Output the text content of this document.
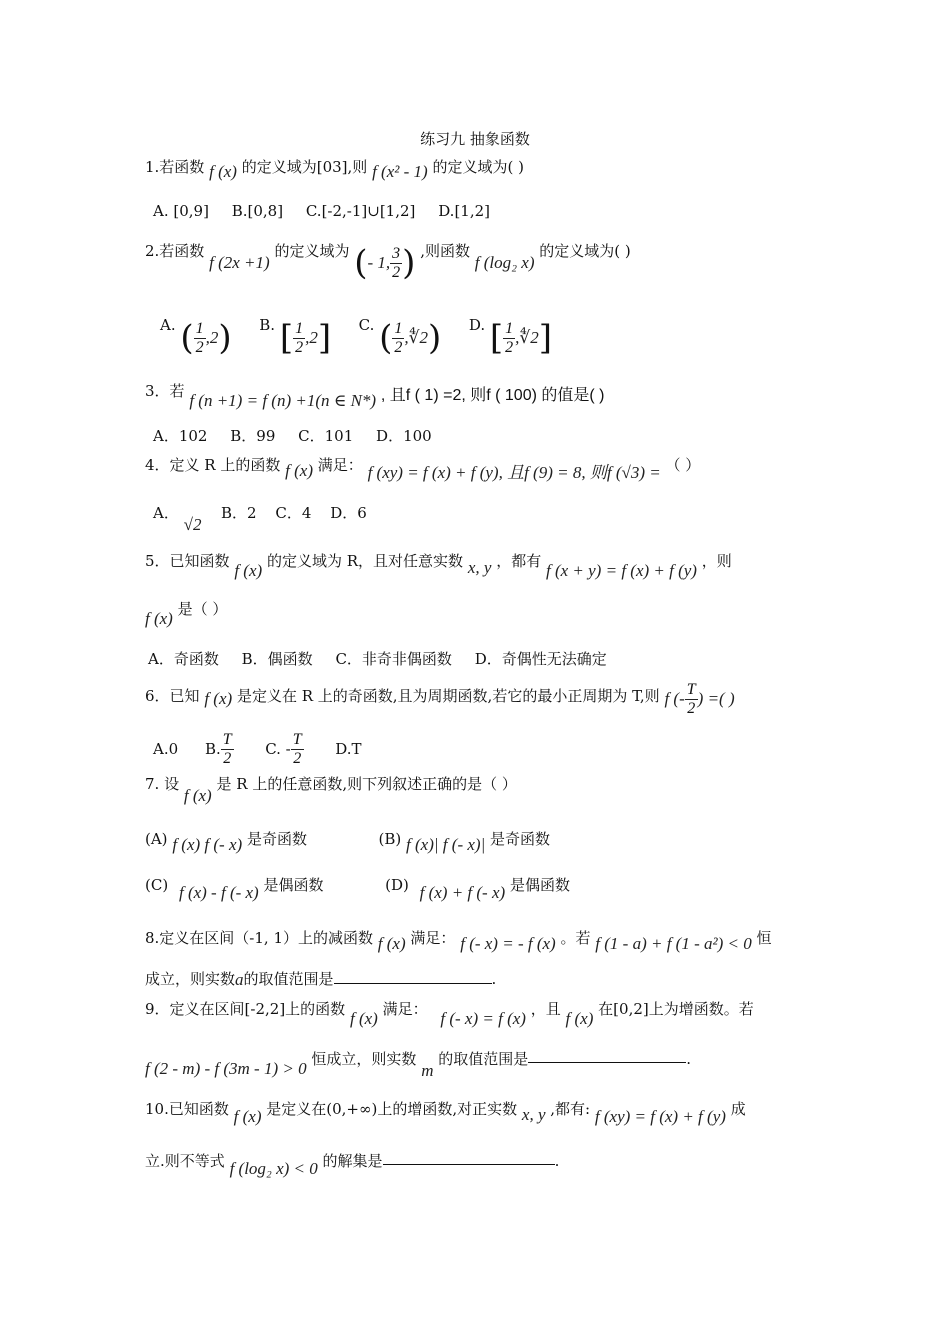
练习九 抽象函数
1.若函数 f (x) 的定义域为[03],则 f (x² - 1) 的定义域为( )
A. [0,9] B.[0,8] C.[-2,-1]∪[1,2] D.[1,2]
2.若函数 f (2x +1) 的定义域为 (- 1, $\frac{3}{2}$ ) ,则函数 f (log₂ x) 的定义域为( )
A. ( $\frac{1}{2} ,2$) B. [ $\frac{1}{2} ,2$] C. ( $\frac{1}{2}$ ,∜2) D. [ $\frac{1}{2}$ ,∜2]
3．若 f (n +1) = f (n) +1(n ∈ N*) , 且f ( 1) =2, 则f ( 100) 的值是( )
A．102 B．99 C．101 D．100
4．定义 R 上的函数 f (x) 满足： f (xy) = f (x) + f (y), 且f (9) = 8, 则f (√3) = （ ）
A． √2  B．2 C．4 D．6
5．已知函数 f (x) 的定义域为 R，且对任意实数 x, y ，都有 f (x + y) = f (x) + f (y) ，则
f (x) 是（ ）
A．奇函数 B．偶函数 C．非奇非偶函数 D．奇偶性无法确定
6．已知 f (x) 是定义在 R 上的奇函数,且为周期函数,若它的最小正周期为 T,则 f (- $\frac{T}{2}$ ) =( )
A.0 B. $\frac{T}{2} C$. - $\frac{T}{2} D.T$
7. 设 f (x) 是 R 上的任意函数,则下列叙述正确的是（ ）
(A) f (x) f (- x) 是奇函数	(B) f (x)| f (- x)| 是奇函数
(C) f (x) - f (- x) 是偶函数	(D) f (x) + f (- x) 是偶函数
8.定义在区间（-1, 1）上的减函数 f (x) 满足： f (- x) = - f (x) 。若 f (1 - a) + f (1 - a²) < 0 恒
成立，则实数a的取值范围是	.
9．定义在区间[-2,2]上的函数 f (x) 满足： f (- x) = f (x) ，且 f (x) 在[0,2]上为增函数。若
f (2 - m) - f (3m - 1) > 0 恒成立，则实数 m 的取值范围是	.
10.已知函数 f (x) 是定义在(0,+∞)上的增函数,对正实数 x, y ,都有: f (xy) = f (x) + f (y) 成
立.则不等式 f (log₂ x) < 0 的解集是	.
